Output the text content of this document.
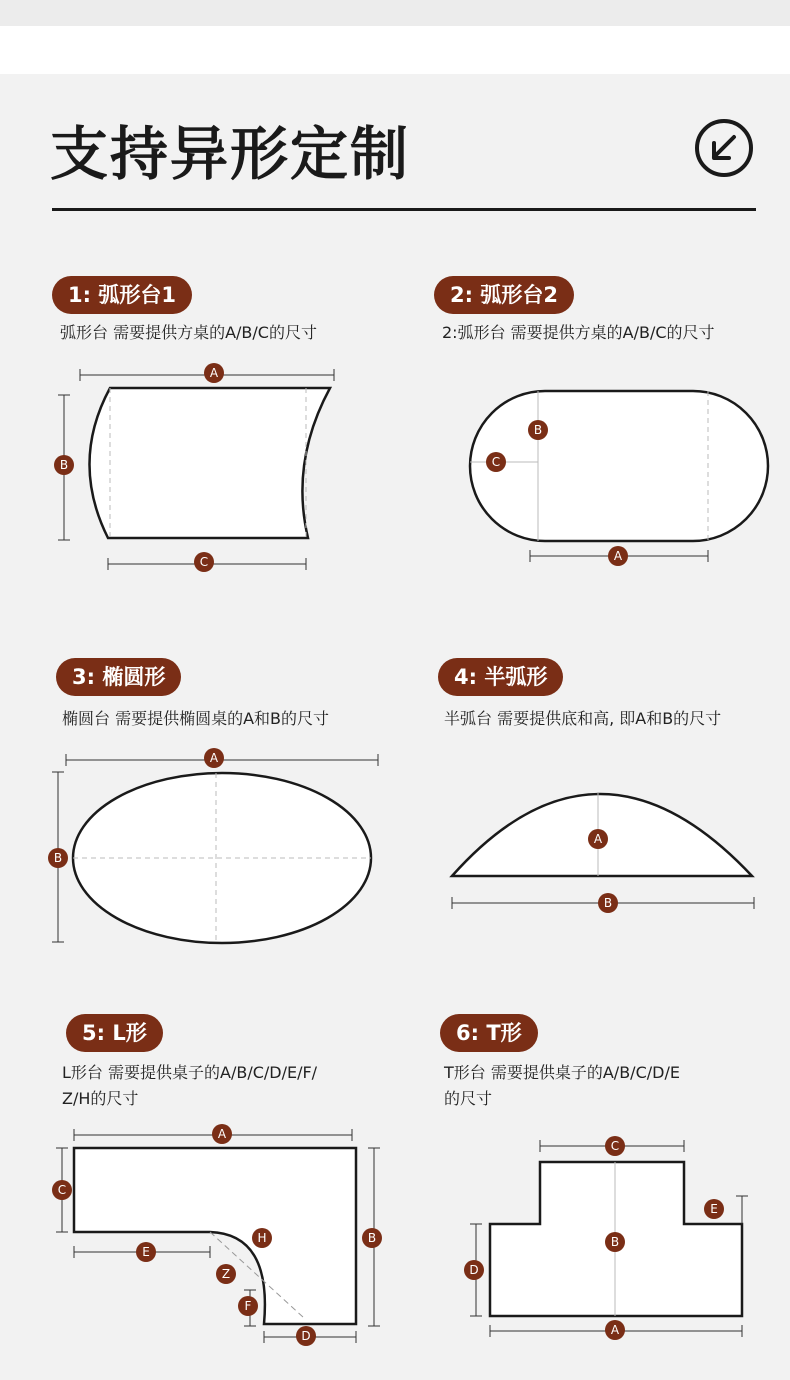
支持异形定制
1: 弧形台1
弧形台 需要提供方桌的A/B/C的尺寸
2: 弧形台2
2:弧形台 需要提供方桌的A/B/C的尺寸
3: 椭圆形
椭圆台 需要提供椭圆桌的A和B的尺寸
4: 半弧形
半弧台 需要提供底和高, 即A和B的尺寸
5: L形
L形台 需要提供桌子的A/B/C/D/E/F/
Z/H的尺寸
6: T形
T形台 需要提供桌子的A/B/C/D/E
的尺寸
A
B
C	A
B
C
A
B
A
B
A
B
C
D
E
F
Z
H
A
B
C
D
E
